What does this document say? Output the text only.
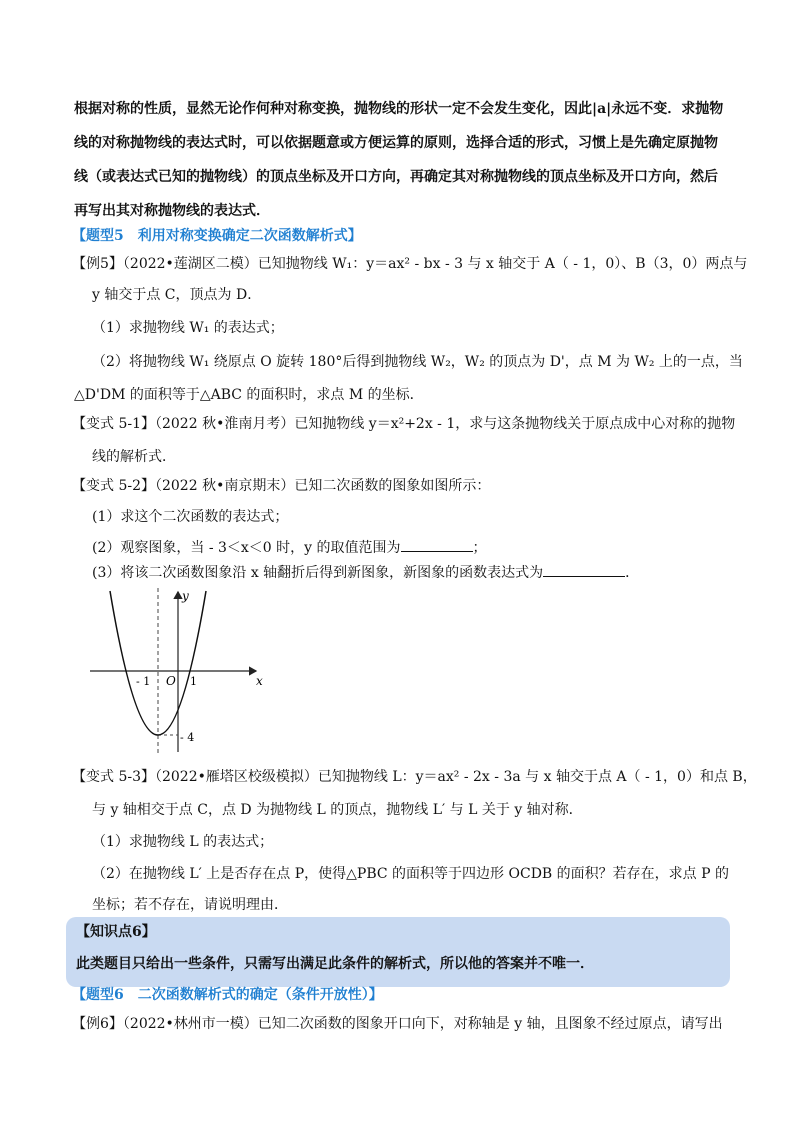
根据对称的性质，显然无论作何种对称变换，抛物线的形状一定不会发生变化，因此|a|永远不变．求抛物
线的对称抛物线的表达式时，可以依据题意或方便运算的原则，选择合适的形式，习惯上是先确定原抛物
线（或表达式已知的抛物线）的顶点坐标及开口方向，再确定其对称抛物线的顶点坐标及开口方向，然后
再写出其对称抛物线的表达式．
【题型5　利用对称变换确定二次函数解析式】
【例5】（2022•莲湖区二模）已知抛物线 W₁：y＝ax² - bx - 3 与 x 轴交于 A（ - 1，0）、B（3，0）两点与
y 轴交于点 C，顶点为 D．
（1）求抛物线 W₁ 的表达式；
（2）将抛物线 W₁ 绕原点 O 旋转 180°后得到抛物线 W₂，W₂ 的顶点为 D'，点 M 为 W₂ 上的一点，当
△D'DM 的面积等于△ABC 的面积时，求点 M 的坐标．
【变式 5-1】（2022 秋•淮南月考）已知抛物线 y＝x²+2x - 1，求与这条抛物线关于原点成中心对称的抛物
线的解析式．
【变式 5-2】（2022 秋•南京期末）已知二次函数的图象如图所示：
(1）求这个二次函数的表达式；
(2）观察图象，当 - 3＜x＜0 时，y 的取值范围为	；
(3）将该二次函数图象沿 x 轴翻折后得到新图象，新图象的函数表达式为	．
x
y
O
- 1	1
- 4
【变式 5-3】（2022•雁塔区校级模拟）已知抛物线 L：y＝ax² - 2x - 3a 与 x 轴交于点 A（ - 1，0）和点 B，
与 y 轴相交于点 C，点 D 为抛物线 L 的顶点，抛物线 L′ 与 L 关于 y 轴对称．
（1）求抛物线 L 的表达式；
（2）在抛物线 L′ 上是否存在点 P，使得△PBC 的面积等于四边形 OCDB 的面积？若存在，求点 P 的
坐标；若不存在，请说明理由．
【知识点6】
此类题目只给出一些条件，只需写出满足此条件的解析式，所以他的答案并不唯一．
【题型6　二次函数解析式的确定（条件开放性）】
【例6】（2022•林州市一模）已知二次函数的图象开口向下，对称轴是 y 轴，且图象不经过原点，请写出
